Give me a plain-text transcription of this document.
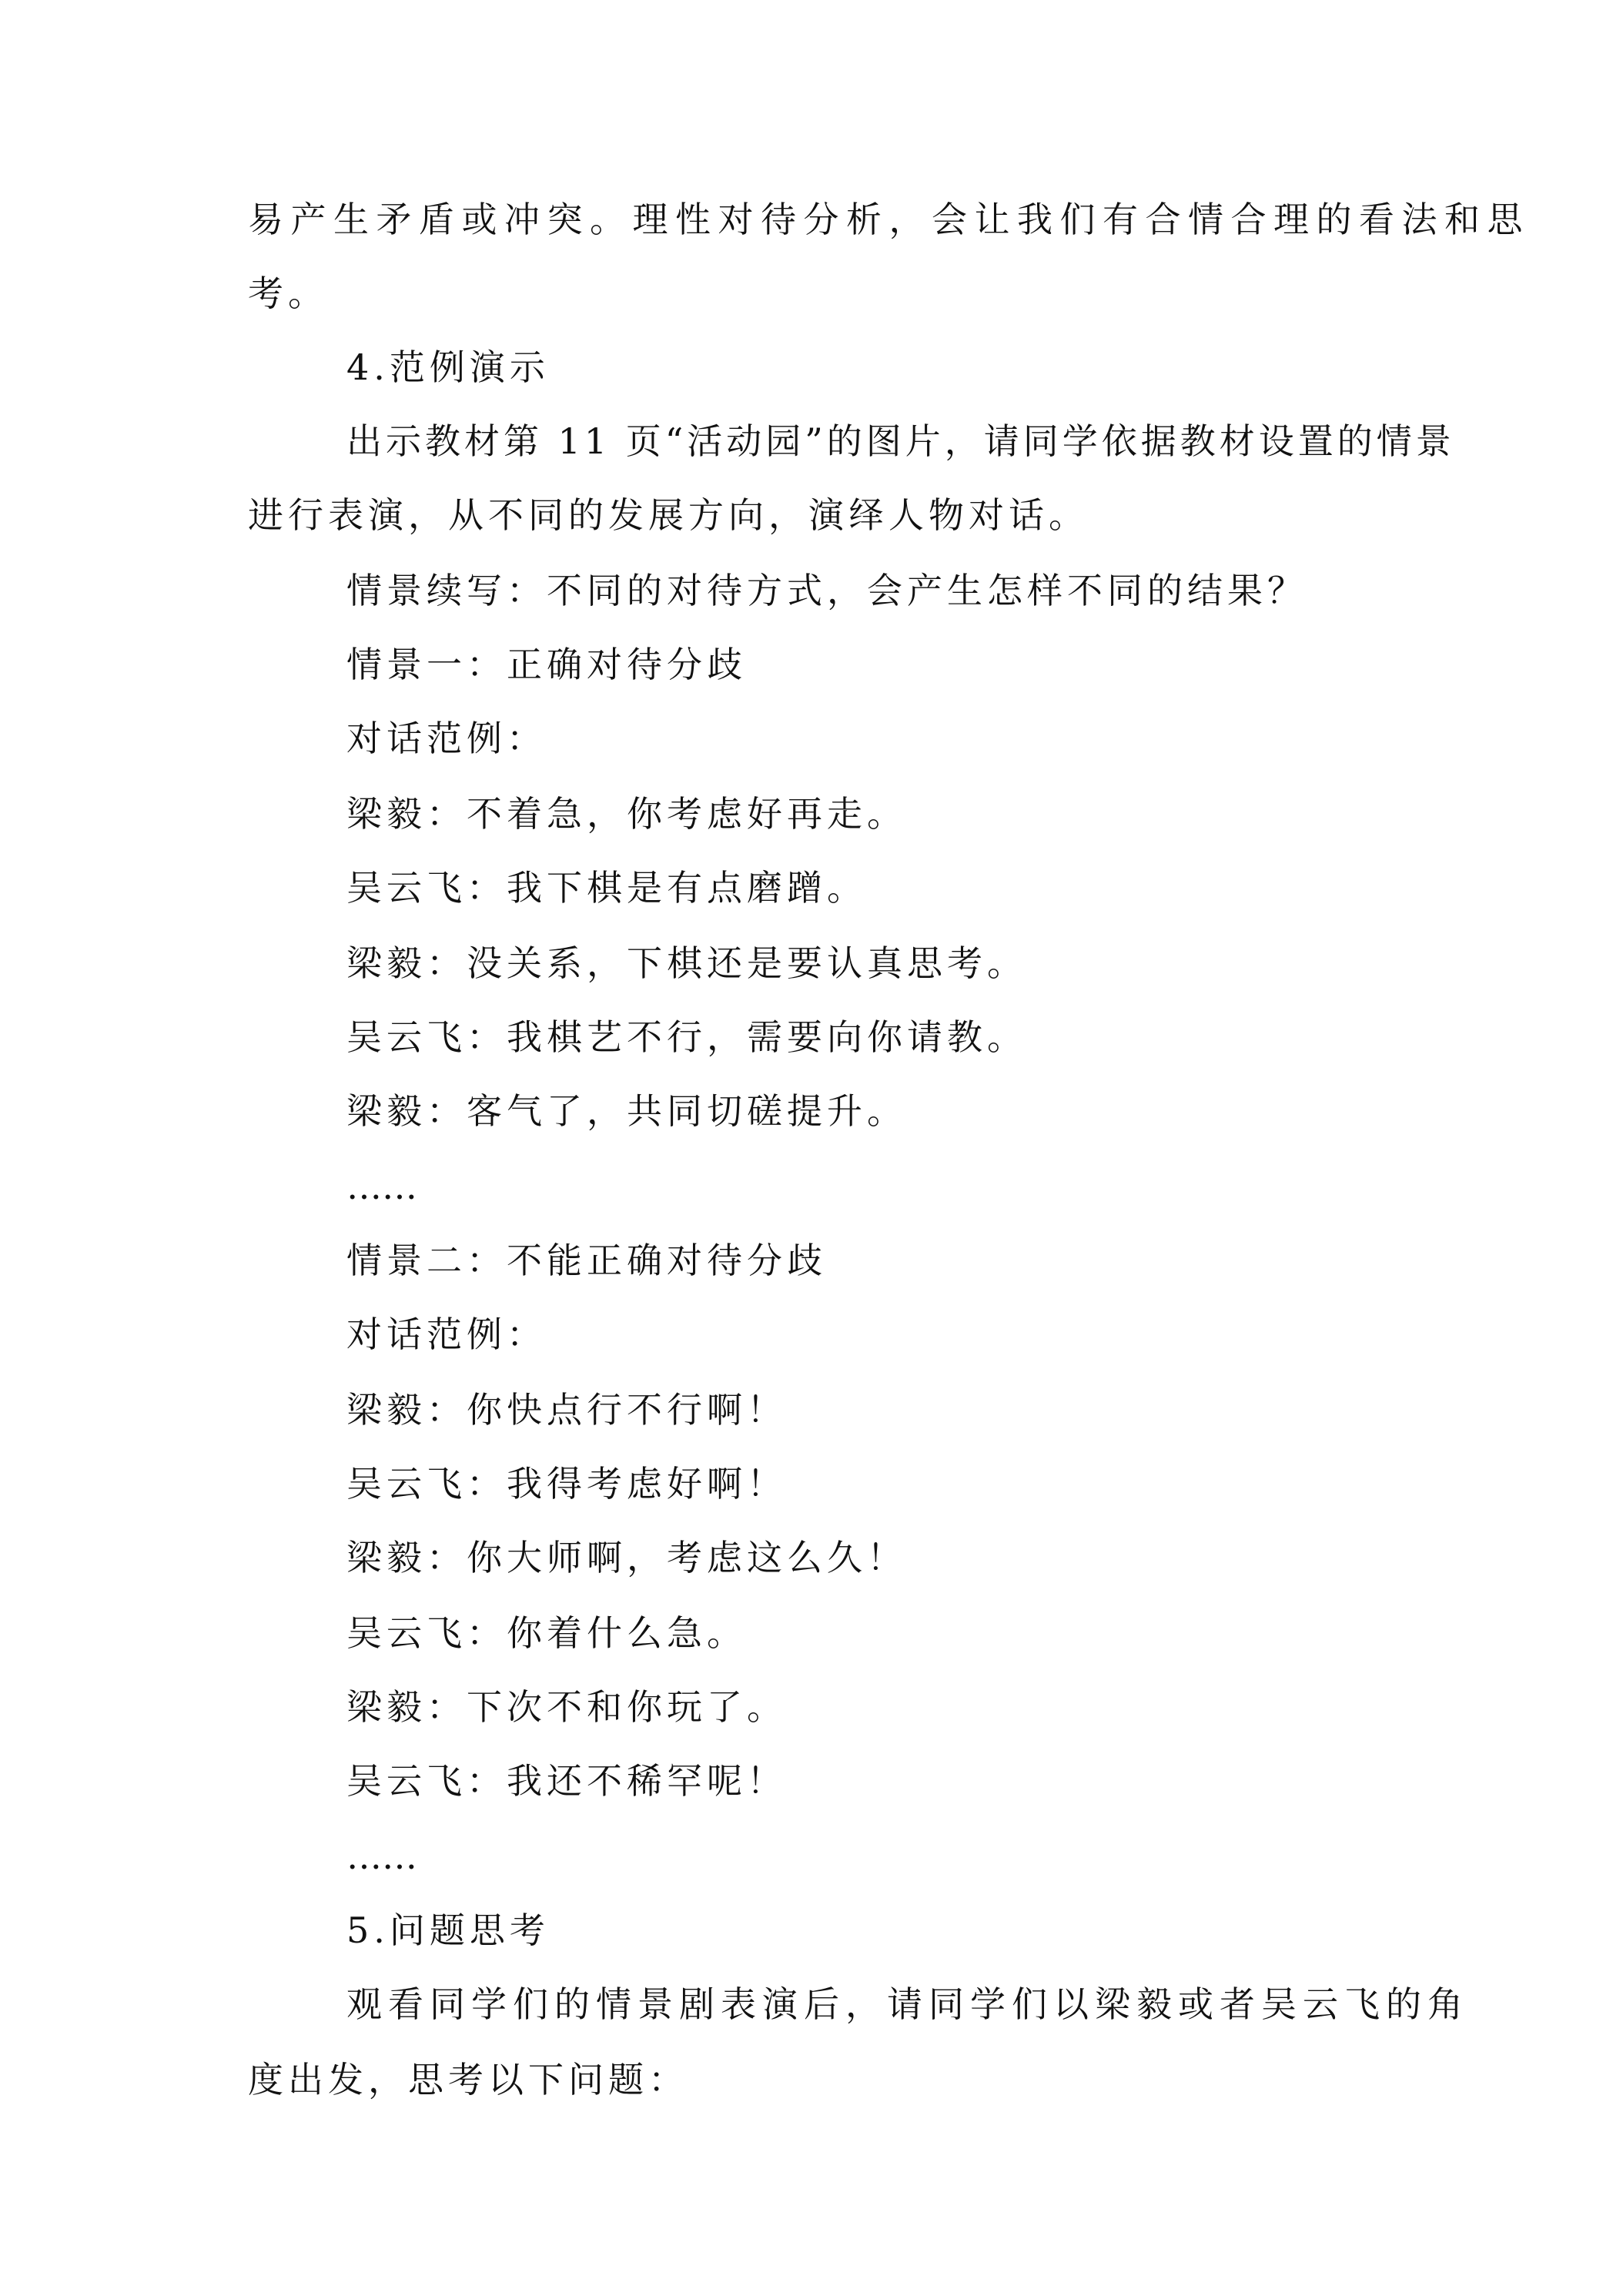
易产生矛盾或冲突。理性对待分析，会让我们有合情合理的看法和思
考。
4.范例演示
出示教材第 11 页“活动园”的图片，请同学依据教材设置的情景
进行表演，从不同的发展方向，演绎人物对话。
情景续写：不同的对待方式，会产生怎样不同的结果？
情景一：正确对待分歧
对话范例：
梁毅：不着急，你考虑好再走。
吴云飞：我下棋是有点磨蹭。
梁毅：没关系，下棋还是要认真思考。
吴云飞：我棋艺不行，需要向你请教。
梁毅：客气了，共同切磋提升。
……
情景二：不能正确对待分歧
对话范例：
梁毅：你快点行不行啊！
吴云飞：我得考虑好啊！
梁毅：你大师啊，考虑这么久！
吴云飞：你着什么急。
梁毅：下次不和你玩了。
吴云飞：我还不稀罕呢！
……
5.问题思考
观看同学们的情景剧表演后，请同学们以梁毅或者吴云飞的角
度出发，思考以下问题：
